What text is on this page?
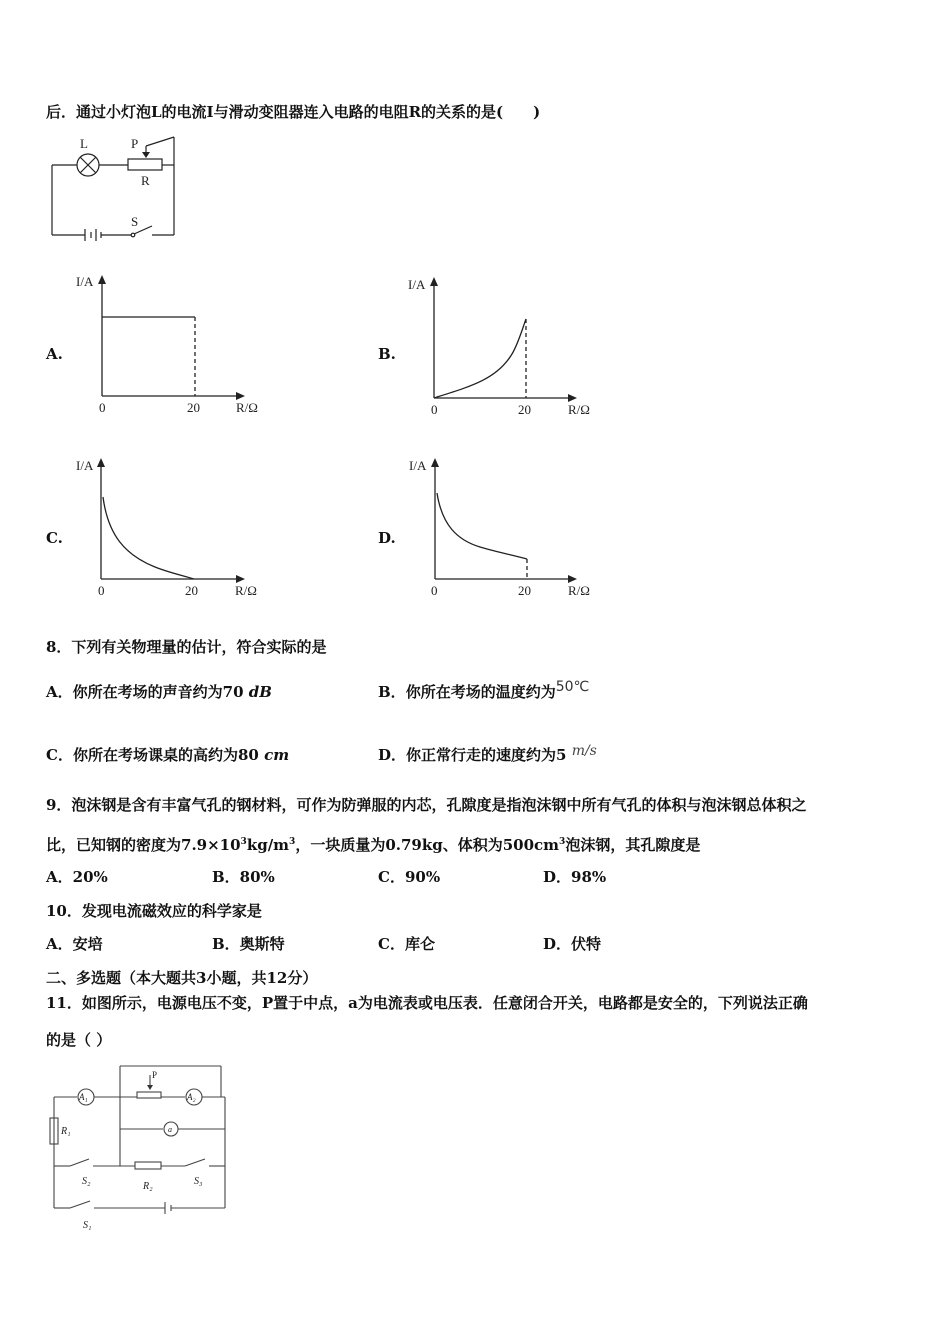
后．通过小灯泡L的电流I与滑动变阻器连入电路的电阻R的关系的是(　　)
L	P
R
S
A.	B.
C.	D.
I/A
0	20	R/Ω
I/A
0	20	R/Ω
I/A
0	20	R/Ω
I/A
0	20	R/Ω
8．下列有关物理量的估计，符合实际的是
A．你所在考场的声音约为70 dB	B．你所在考场的温度约为50℃
C．你所在考场课桌的高约为80 cm	D．你正常行走的速度约为5 m/s
9．泡沫钢是含有丰富气孔的钢材料，可作为防弹服的内芯，孔隙度是指泡沫钢中所有气孔的体积与泡沫钢总体积之
比，已知钢的密度为$7.9\times 10^3kg/m^3$，一块质量为0.79kg、体积为$500cm^3$泡沫钢，其孔隙度是
A．20%	B．80%	C．90%	D．98%
10．发现电流磁效应的科学家是
A．安培	B．奥斯特	C．库仑	D．伏特
二、多选题（本大题共3小题，共12分）
11．如图所示，电源电压不变，P置于中点，a为电流表或电压表．任意闭合开关，电路都是安全的，下列说法正确
的是（ ）
A₁	A₂
a
P
R₁
R₂
S₂	S₃
S₁
